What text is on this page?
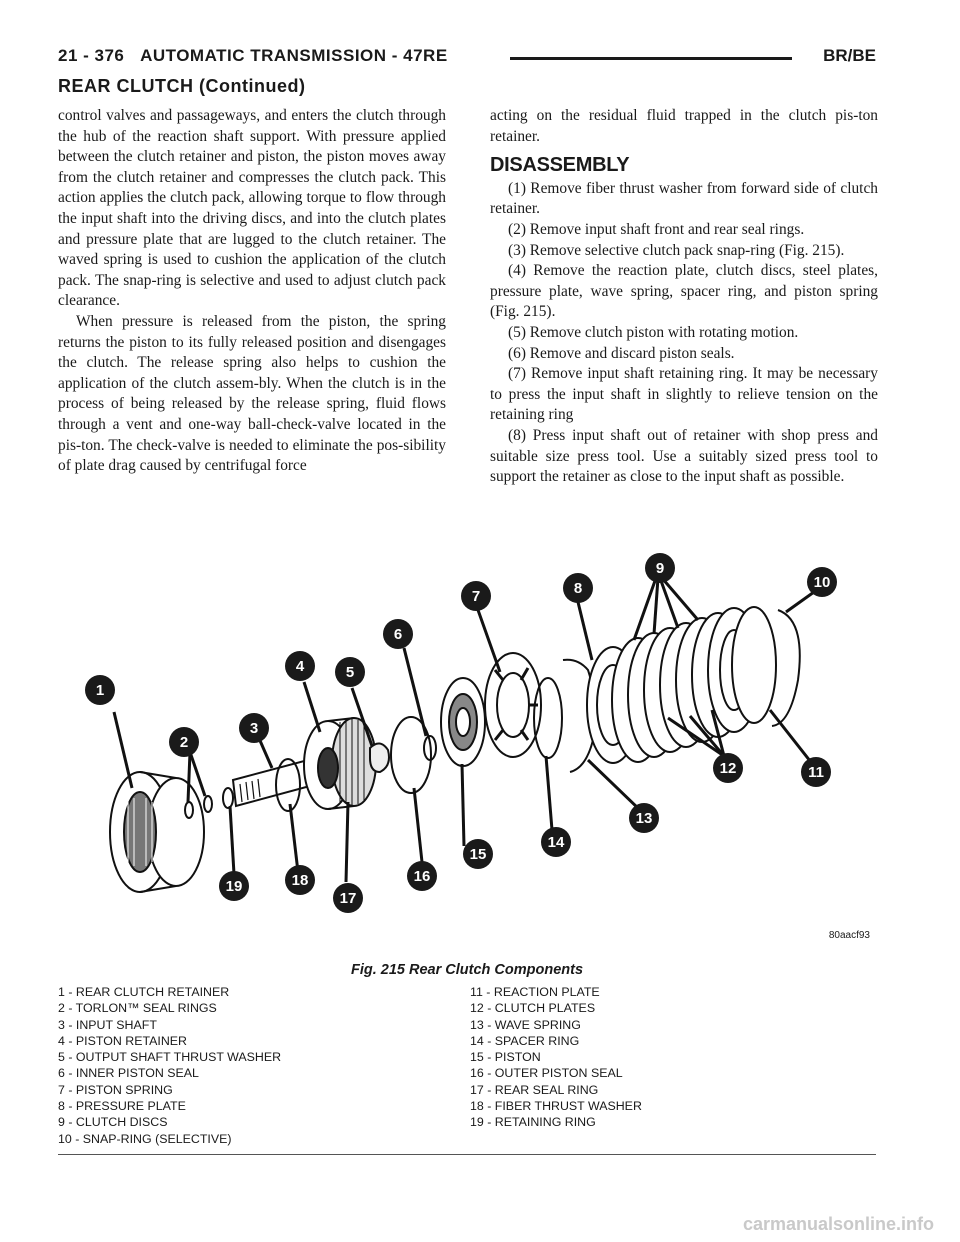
21 - 376 AUTOMATIC TRANSMISSION - 47RE	BR/BE
REAR CLUTCH (Continued)

control valves and passageways, and enters the clutch through the hub of the reaction shaft support. With pressure applied between the clutch retainer and piston, the piston moves away from the clutch retainer and compresses the clutch pack. This action applies the clutch pack, allowing torque to flow through the input shaft into the driving discs, and into the clutch plates and pressure plate that are lugged to the clutch retainer. The waved spring is used to cushion the application of the clutch pack. The snap-ring is selective and used to adjust clutch pack clearance.

When pressure is released from the piston, the spring returns the piston to its fully released position and disengages the clutch. The release spring also helps to cushion the application of the clutch assem-bly. When the clutch is in the process of being released by the release spring, fluid flows through a vent and one-way ball-check-valve located in the pis-ton. The check-valve is needed to eliminate the pos-sibility of plate drag caused by centrifugal force

acting on the residual fluid trapped in the clutch pis-ton retainer.

DISASSEMBLY

(1) Remove fiber thrust washer from forward side of clutch retainer.

(2) Remove input shaft front and rear seal rings.

(3) Remove selective clutch pack snap-ring (Fig. 215).

(4) Remove the reaction plate, clutch discs, steel plates, pressure plate, wave spring, spacer ring, and piston spring (Fig. 215).

(5) Remove clutch piston with rotating motion.

(6) Remove and discard piston seals.

(7) Remove input shaft retaining ring. It may be necessary to press the input shaft in slightly to relieve tension on the retaining ring

(8) Press input shaft out of retainer with shop press and suitable size press tool. Use a suitably sized press tool to support the retainer as close to the input shaft as possible.

1
2
3
4	5
6
7	8
9
10
11
12
13
14
15
16
17
18
19
80aacf93
Fig. 215 Rear Clutch Components
1 - REAR CLUTCH RETAINER
2 - TORLON™ SEAL RINGS
3 - INPUT SHAFT
4 - PISTON RETAINER
5 - OUTPUT SHAFT THRUST WASHER
6 - INNER PISTON SEAL
7 - PISTON SPRING
8 - PRESSURE PLATE
9 - CLUTCH DISCS
10 - SNAP-RING (SELECTIVE)
11 - REACTION PLATE
12 - CLUTCH PLATES
13 - WAVE SPRING
14 - SPACER RING
15 - PISTON
16 - OUTER PISTON SEAL
17 - REAR SEAL RING
18 - FIBER THRUST WASHER
19 - RETAINING RING
carmanualsonline.info
